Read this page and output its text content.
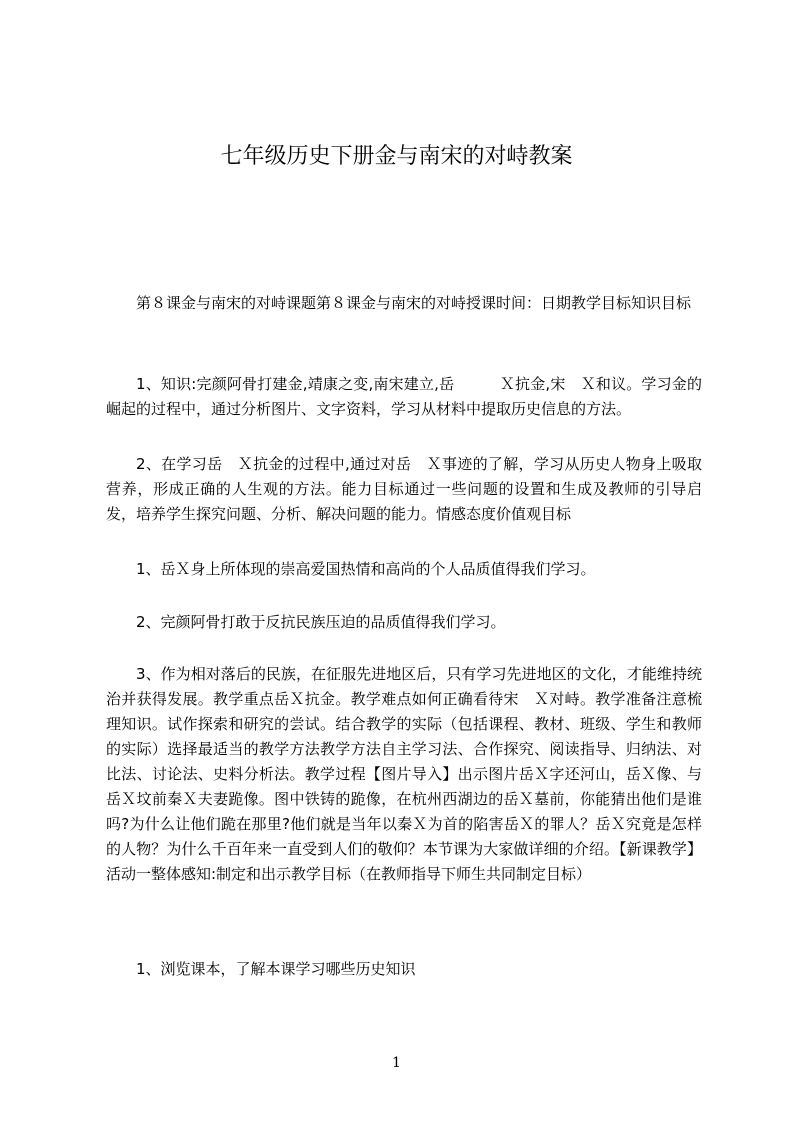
七年级历史下册金与南宋的对峙教案
第８课金与南宋的对峙课题第８课金与南宋的对峙授课时间：日期教学目标知识目标
1、知识:完颜阿骨打建金,靖康之变,南宋建立,岳　　　Ｘ抗金,宋　Ｘ和议。学习金的崛起的过程中，通过分析图片、文字资料，学习从材料中提取历史信息的方法。
2、在学习岳　Ｘ抗金的过程中,通过对岳　Ｘ事迹的了解，学习从历史人物身上吸取营养，形成正确的人生观的方法。能力目标通过一些问题的设置和生成及教师的引导启发，培养学生探究问题、分析、解决问题的能力。情感态度价值观目标
1、岳Ｘ身上所体现的崇高爱国热情和高尚的个人品质值得我们学习。
2、完颜阿骨打敢于反抗民族压迫的品质值得我们学习。
3、作为相对落后的民族，在征服先进地区后，只有学习先进地区的文化，才能维持统治并获得发展。教学重点岳Ｘ抗金。教学难点如何正确看待宋　Ｘ对峙。教学准备注意梳理知识。试作探索和研究的尝试。结合教学的实际（包括课程、教材、班级、学生和教师的实际）选择最适当的教学方法教学方法自主学习法、合作探究、阅读指导、归纳法、对比法、讨论法、史料分析法。教学过程【图片导入】出示图片岳Ｘ字还河山，岳Ｘ像、与岳Ｘ坟前秦Ｘ夫妻跪像。图中铁铸的跪像，在杭州西湖边的岳Ｘ墓前，你能猜出他们是谁吗?为什么让他们跪在那里?他们就是当年以秦Ｘ为首的陷害岳Ｘ的罪人？岳Ｘ究竟是怎样的人物？为什么千百年来一直受到人们的敬仰？本节课为大家做详细的介绍。【新课教学】活动一整体感知:制定和出示教学目标（在教师指导下师生共同制定目标）
1、浏览课本，了解本课学习哪些历史知识
1
